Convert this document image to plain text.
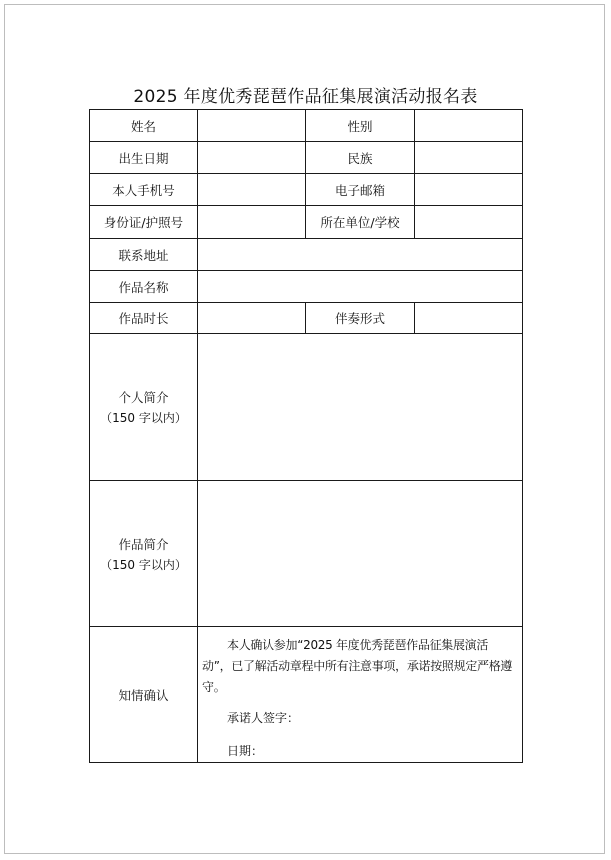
2025 年度优秀琵琶作品征集展演活动报名表
姓名		性别	
出生日期		民族	
本人手机号		电子邮箱	
身份证/护照号		所在单位/学校	
联系地址			
作品名称			
作品时长		伴奏形式	
个人简介
（150 字以内）			

作品简介
（150 字以内）			

知情确认	本人确认参加“2025 年度优秀琵琶作品征集展演活动”，已了解活动章程中所有注意事项，承诺按照规定严格遵守。

承诺人签字：

日期：		
